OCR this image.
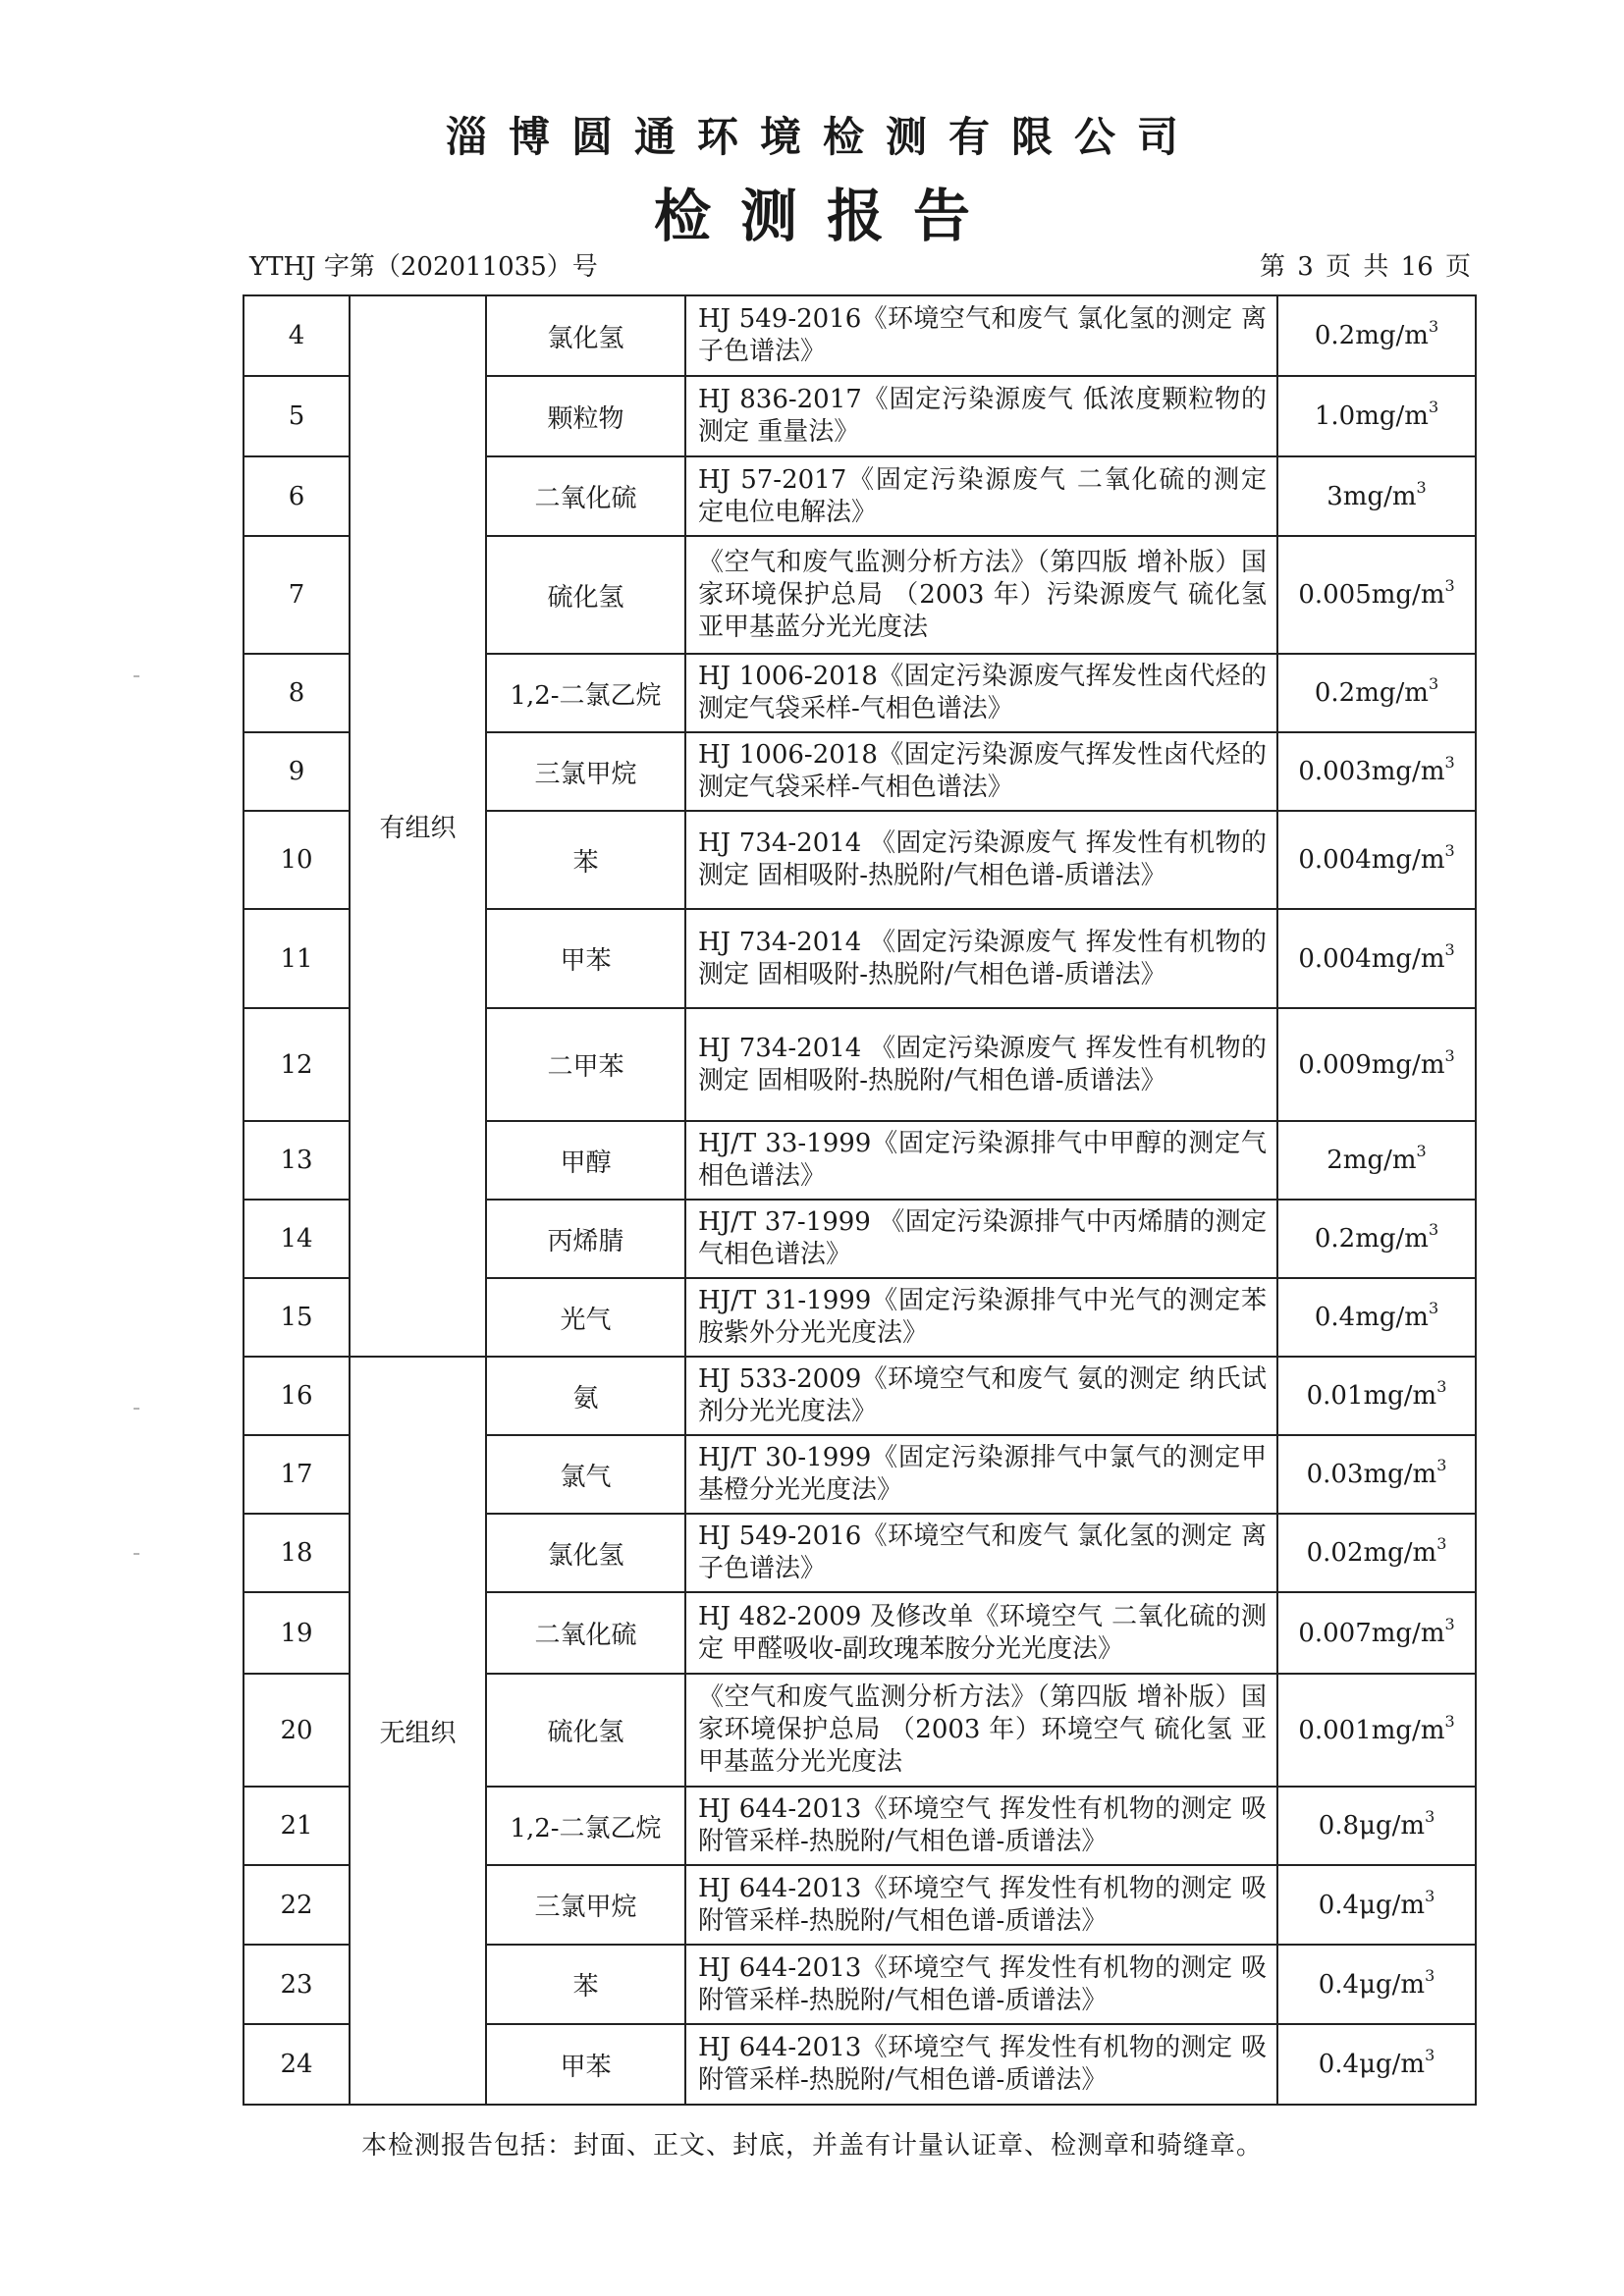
淄博圆通环境检测有限公司
检测报告
YTHJ 字第（202011035）号	第 3 页 共 16 页
4	有组织	氯化氢	HJ 549-2016《环境空气和废气 氯化氢的测定 离子色谱法》	$0.2mg/m^3$
5		颗粒物	HJ 836-2017《固定污染源废气 低浓度颗粒物的测定 重量法》	$1.0mg/m^3$
6		二氧化硫	HJ 57-2017《固定污染源废气 二氧化硫的测定 定电位电解法》	$3mg/m^3$
7		硫化氢	《空气和废气监测分析方法》（第四版 增补版）国家环境保护总局 （2003 年）污染源废气 硫化氢 亚甲基蓝分光光度法	$0.005mg/m^3$
8		1,2-二氯乙烷	HJ 1006-2018《固定污染源废气挥发性卤代烃的测定气袋采样-气相色谱法》	$0.2mg/m^3$
9		三氯甲烷	HJ 1006-2018《固定污染源废气挥发性卤代烃的测定气袋采样-气相色谱法》	$0.003mg/m^3$
10		苯	HJ 734-2014 《固定污染源废气 挥发性有机物的测定 固相吸附-热脱附/气相色谱-质谱法》	$0.004mg/m^3$
11		甲苯	HJ 734-2014 《固定污染源废气 挥发性有机物的测定 固相吸附-热脱附/气相色谱-质谱法》	$0.004mg/m^3$
12		二甲苯	HJ 734-2014 《固定污染源废气 挥发性有机物的测定 固相吸附-热脱附/气相色谱-质谱法》	$0.009mg/m^3$
13		甲醇	HJ/T 33-1999《固定污染源排气中甲醇的测定气相色谱法》	$2mg/m^3$
14		丙烯腈	HJ/T 37-1999 《固定污染源排气中丙烯腈的测定 气相色谱法》	$0.2mg/m^3$
15		光气	HJ/T 31-1999《固定污染源排气中光气的测定苯胺紫外分光光度法》	$0.4mg/m^3$
16	无组织	氨	HJ 533-2009《环境空气和废气 氨的测定 纳氏试剂分光光度法》	$0.01mg/m^3$
17		氯气	HJ/T 30-1999《固定污染源排气中氯气的测定甲基橙分光光度法》	$0.03mg/m^3$
18		氯化氢	HJ 549-2016《环境空气和废气 氯化氢的测定 离子色谱法》	$0.02mg/m^3$
19		二氧化硫	HJ 482-2009 及修改单《环境空气 二氧化硫的测定 甲醛吸收-副玫瑰苯胺分光光度法》	$0.007mg/m^3$
20		硫化氢	《空气和废气监测分析方法》（第四版 增补版）国家环境保护总局 （2003 年）环境空气 硫化氢 亚甲基蓝分光光度法	$0.001mg/m^3$
21		1,2-二氯乙烷	HJ 644-2013《环境空气 挥发性有机物的测定 吸附管采样-热脱附/气相色谱-质谱法》	$0.8\mu g/m^3$
22		三氯甲烷	HJ 644-2013《环境空气 挥发性有机物的测定 吸附管采样-热脱附/气相色谱-质谱法》	$0.4\mu g/m^3$
23		苯	HJ 644-2013《环境空气 挥发性有机物的测定 吸附管采样-热脱附/气相色谱-质谱法》	$0.4\mu g/m^3$
24		甲苯	HJ 644-2013《环境空气 挥发性有机物的测定 吸附管采样-热脱附/气相色谱-质谱法》	$0.4\mu g/m^3$
本检测报告包括：封面、正文、封底，并盖有计量认证章、检测章和骑缝章。
